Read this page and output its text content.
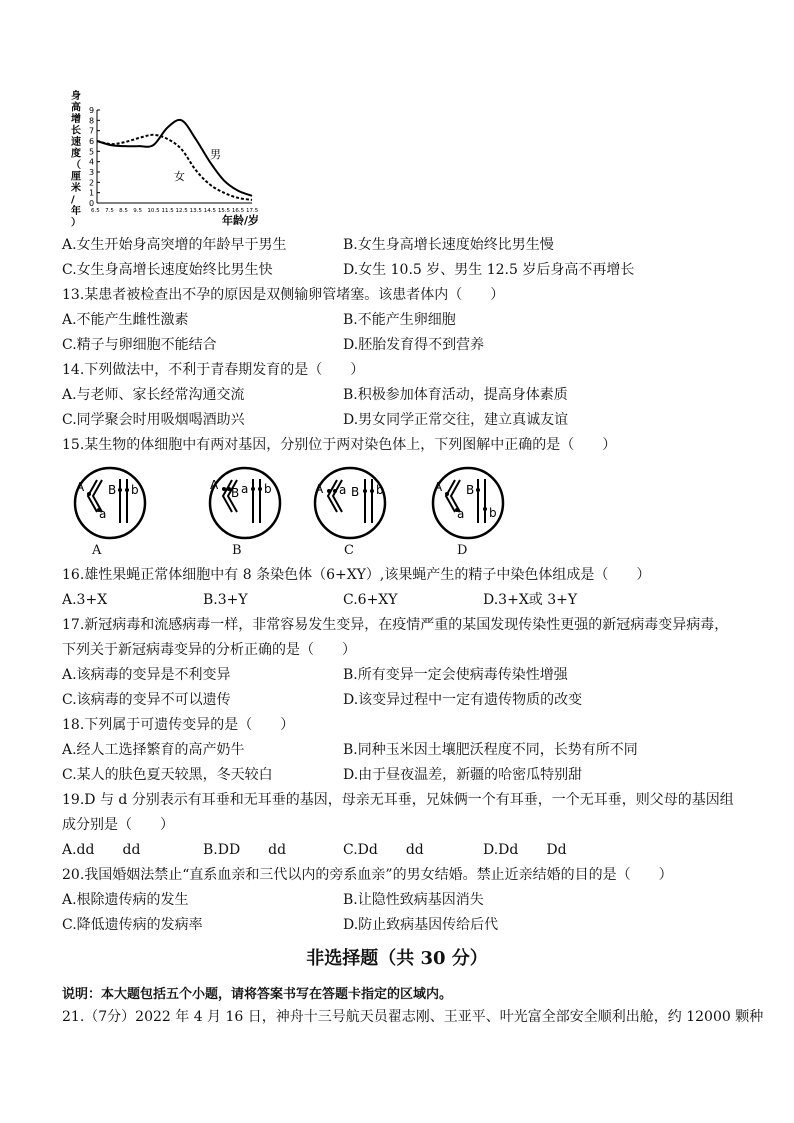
身
高
增
长
速
度
（
厘
米
/
年
）
0
1
2
3
4
5
6
7
8
9
6.5 7.5 8.5 9.5 10.5 11.5 12.5 13.5 14.5 15.5 16.5 17.5
男
女
年龄/岁
A.女生开始身高突增的年龄早于男生	B.女生身高增长速度始终比男生慢
C.女生身高增长速度始终比男生快	D.女生 10.5 岁、男生 12.5 岁后身高不再增长
13.某患者被检查出不孕的原因是双侧输卵管堵塞。该患者体内（　　）
A.不能产生雌性激素	B.不能产生卵细胞
C.精子与卵细胞不能结合	D.胚胎发育得不到营养
14.下列做法中，不利于青春期发育的是（　　）
A.与老师、家长经常沟通交流	B.积极参加体育活动，提高身体素质
C.同学聚会时用吸烟喝酒助兴	D.男女同学正常交往，建立真诚友谊
15.某生物的体细胞中有两对基因，分别位于两对染色体上，下列图解中正确的是（　　）
A
a
B b	A
B a b	A a B b	A
a
B
b
A	B	C	D
16.雄性果蝇正常体细胞中有 8 条染色体（6+XY）,该果蝇产生的精子中染色体组成是（　　）
A.3+X	B.3+Y	C.6+XY	D.3+X或 3+Y
17.新冠病毒和流感病毒一样，非常容易发生变异，在疫情严重的某国发现传染性更强的新冠病毒变异病毒，
下列关于新冠病毒变异的分析正确的是（　　）
A.该病毒的变异是不利变异	B.所有变异一定会使病毒传染性增强
C.该病毒的变异不可以遗传	D.该变异过程中一定有遗传物质的改变
18.下列属于可遗传变异的是（　　）
A.经人工选择繁育的高产奶牛	B.同种玉米因土壤肥沃程度不同，长势有所不同
C.某人的肤色夏天较黑，冬天较白	D.由于昼夜温差，新疆的哈密瓜特别甜
19.D 与 d 分别表示有耳垂和无耳垂的基因，母亲无耳垂，兄妹俩一个有耳垂，一个无耳垂，则父母的基因组
成分别是（　　）
A.dd　　dd	B.DD　　dd	C.Dd　　dd	D.Dd　　Dd
20.我国婚姻法禁止“直系血亲和三代以内的旁系血亲”的男女结婚。禁止近亲结婚的目的是（　　）
A.根除遗传病的发生	B.让隐性致病基因消失
C.降低遗传病的发病率	D.防止致病基因传给后代
非选择题（共 30 分）
说明：本大题包括五个小题，请将答案书写在答题卡指定的区域内。
21.（7分）2022 年 4 月 16 日，神舟十三号航天员翟志刚、王亚平、叶光富全部安全顺利出舱，约 12000 颗种
